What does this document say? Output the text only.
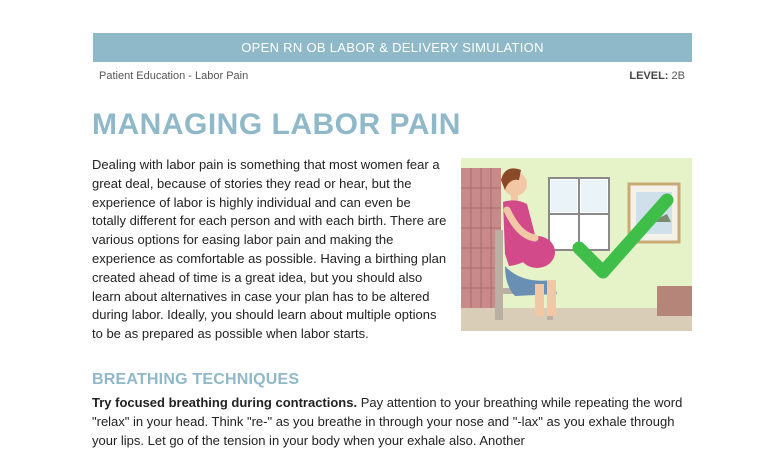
OPEN RN OB LABOR & DELIVERY SIMULATION
Patient Education - Labor Pain	LEVEL: 2B
MANAGING LABOR PAIN

Dealing with labor pain is something that most women fear a great deal, because of stories they read or hear, but the experience of labor is highly individual and can even be totally different for each person and with each birth. There are various options for easing labor pain and making the experience as comfortable as possible. Having a birthing plan created ahead of time is a great idea, but you should also learn about alternatives in case your plan has to be altered during labor. Ideally, you should learn about multiple options to be as prepared as possible when labor starts.

BREATHING TECHNIQUES

Try focused breathing during contractions. Pay attention to your breathing while repeating the word "relax" in your head. Think "re-" as you breathe in through your nose and "-lax" as you exhale through your lips. Let go of the tension in your body when your exhale also. Another
